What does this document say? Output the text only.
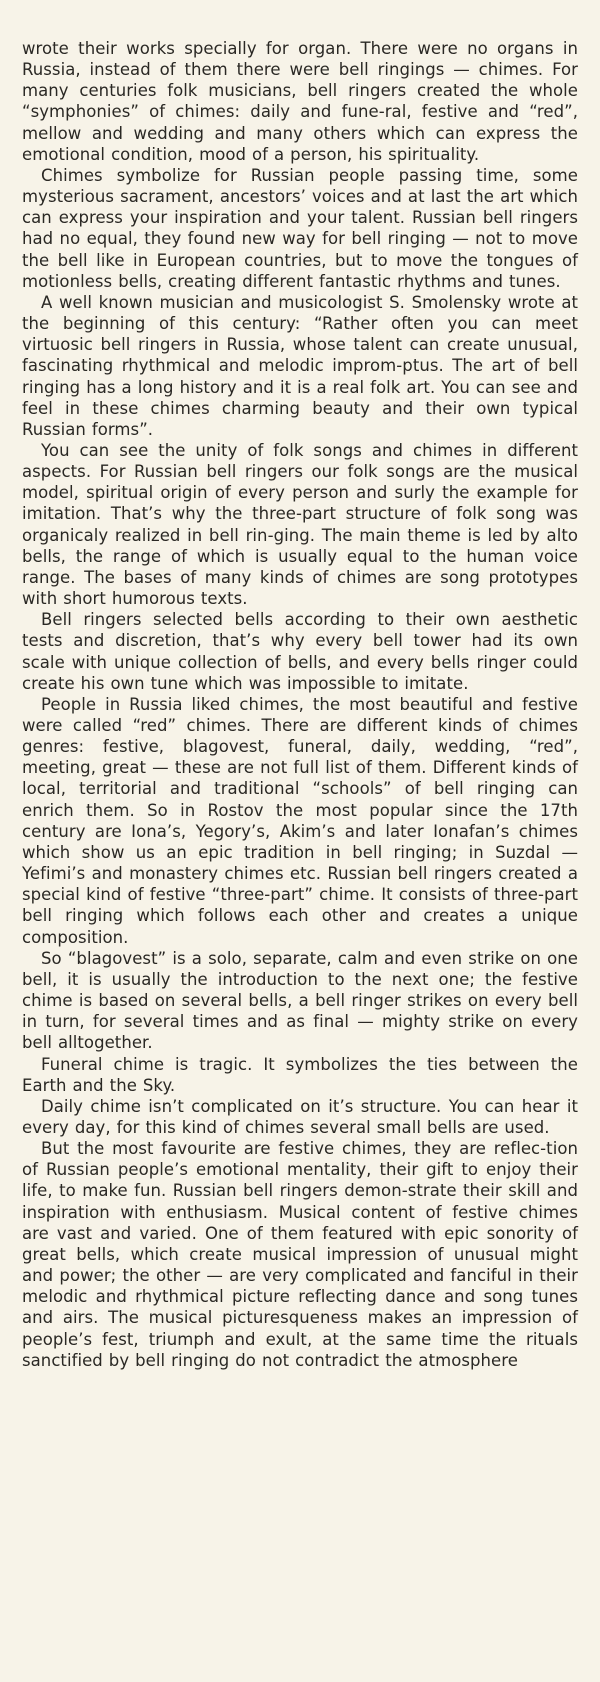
wrote their works specially for organ. There were no organs in Russia, instead of them there were bell ringings — chimes. For many centuries folk musicians, bell ringers created the whole “symphonies” of chimes: daily and fune-ral, festive and “red”, mellow and wedding and many others which can express the emotional condition, mood of a person, his spirituality.

Chimes symbolize for Russian people passing time, some mysterious sacrament, ancestors’ voices and at last the art which can express your inspiration and your talent. Russian bell ringers had no equal, they found new way for bell ringing — not to move the bell like in European countries, but to move the tongues of motionless bells, creating different fantastic rhythms and tunes.

A well known musician and musicologist S. Smolensky wrote at the beginning of this century: “Rather often you can meet virtuosic bell ringers in Russia, whose talent can create unusual, fascinating rhythmical and melodic improm-ptus. The art of bell ringing has a long history and it is a real folk art. You can see and feel in these chimes charming beauty and their own typical Russian forms”.

You can see the unity of folk songs and chimes in different aspects. For Russian bell ringers our folk songs are the musical model, spiritual origin of every person and surly the example for imitation. That’s why the three-part structure of folk song was organicaly realized in bell rin-ging. The main theme is led by alto bells, the range of which is usually equal to the human voice range. The bases of many kinds of chimes are song prototypes with short humorous texts.

Bell ringers selected bells according to their own aesthetic tests and discretion, that’s why every bell tower had its own scale with unique collection of bells, and every bells ringer could create his own tune which was impossible to imitate.

People in Russia liked chimes, the most beautiful and festive were called “red” chimes. There are different kinds of chimes genres: festive, blagovest, funeral, daily, wedding, “red”, meeting, great — these are not full list of them. Different kinds of local, territorial and traditional “schools” of bell ringing can enrich them. So in Rostov the most popular since the 17th century are Iona’s, Yegory’s, Akim’s and later Ionafan’s chimes which show us an epic tradition in bell ringing; in Suzdal — Yefimi’s and monastery chimes etc. Russian bell ringers created a special kind of festive “three-part” chime. It consists of three-part bell ringing which follows each other and creates a unique composition.

So “blagovest” is a solo, separate, calm and even strike on one bell, it is usually the introduction to the next one; the festive chime is based on several bells, a bell ringer strikes on every bell in turn, for several times and as final — mighty strike on every bell alltogether.

Funeral chime is tragic. It symbolizes the ties between the Earth and the Sky.

Daily chime isn’t complicated on it’s structure. You can hear it every day, for this kind of chimes several small bells are used.

But the most favourite are festive chimes, they are reflec-tion of Russian people’s emotional mentality, their gift to enjoy their life, to make fun. Russian bell ringers demon-strate their skill and inspiration with enthusiasm. Musical content of festive chimes are vast and varied. One of them featured with epic sonority of great bells, which create musical impression of unusual might and power; the other — are very complicated and fanciful in their melodic and rhythmical picture reflecting dance and song tunes and airs. The musical picturesqueness makes an impression of people’s fest, triumph and exult, at the same time the rituals sanctified by bell ringing do not contradict the atmosphere
